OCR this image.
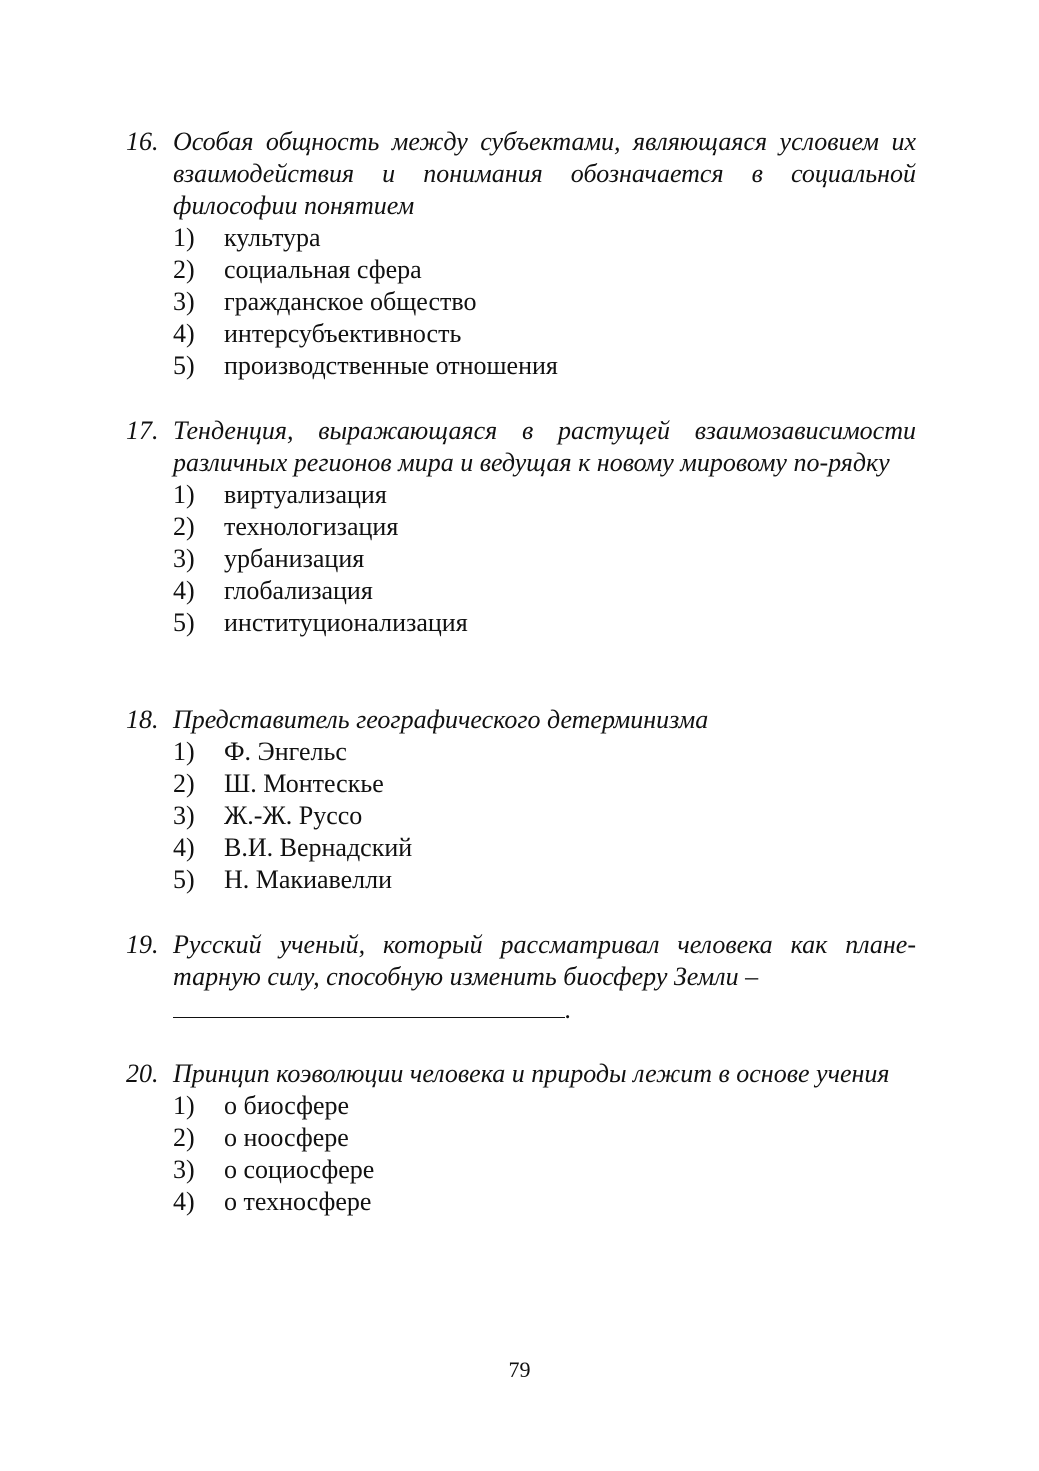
16. Особая общность между субъектами, являющаяся условием их взаимодействия и понимания обозначается в социальной философии понятием
1) культура
2) социальная сфера
3) гражданское общество
4) интерсубъективность
5) производственные отношения
17. Тенденция, выражающаяся в растущей взаимозависимости различных регионов мира и ведущая к новому мировому по-рядку
1) виртуализация
2) технологизация
3) урбанизация
4) глобализация
5) институционализация
18. Представитель географического детерминизма
1) Ф. Энгельс
2) Ш. Монтескье
3) Ж.-Ж. Руссо
4) В.И. Вернадский
5) Н. Макиавелли
19. Русский ученый, который рассматривал человека как плане-тарную силу, способную изменить биосферу Земли –
.
20. Принцип коэволюции человека и природы лежит в основе учения
1) о биосфере
2) о ноосфере
3) о социосфере
4) о техносфере
79
